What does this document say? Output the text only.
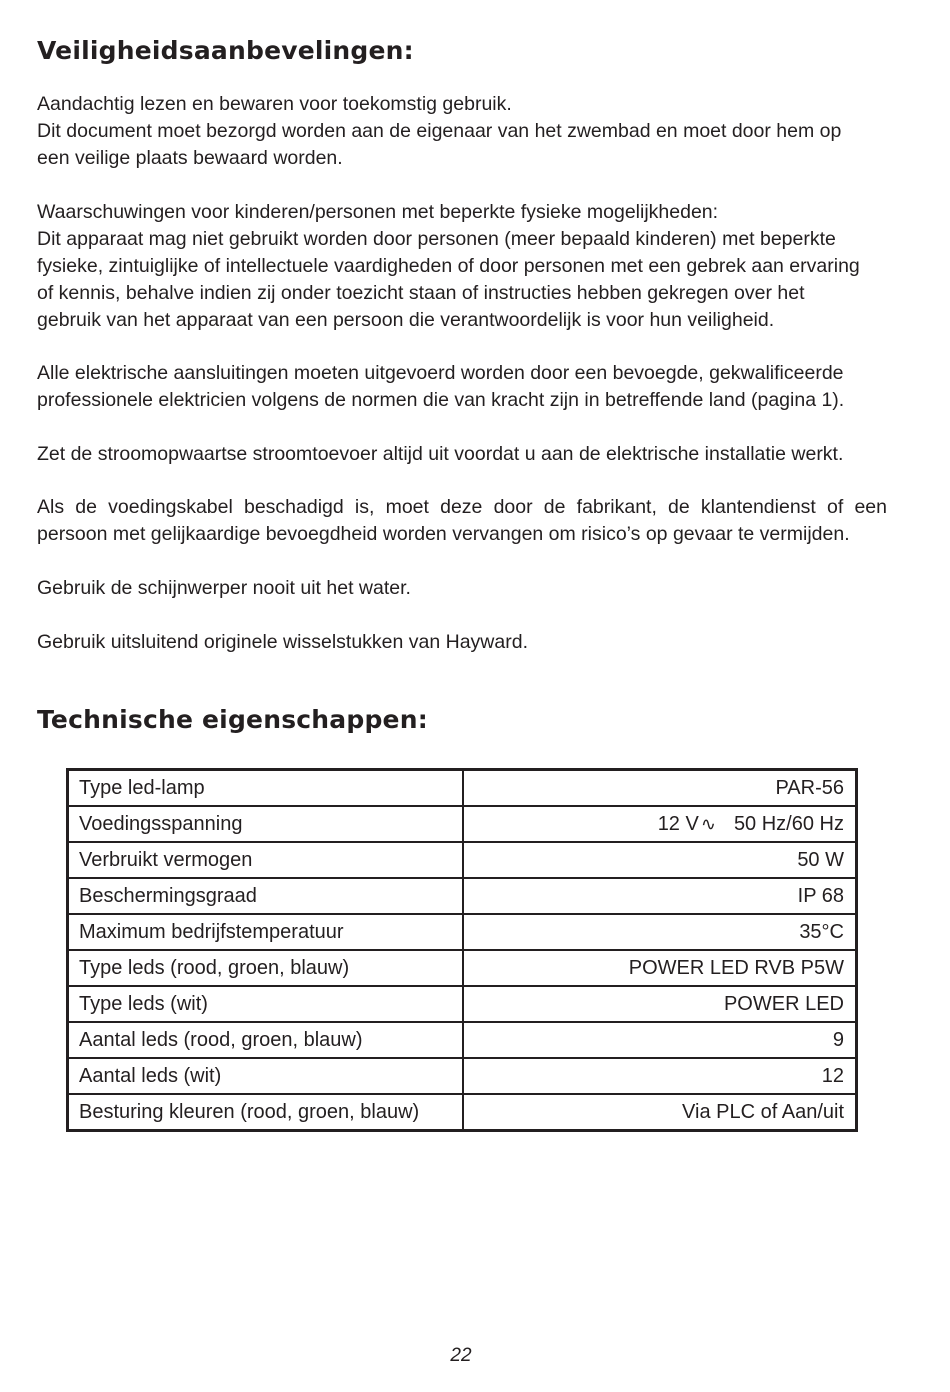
Veiligheidsaanbevelingen:

Aandachtig lezen en bewaren voor toekomstig gebruik.
Dit document moet bezorgd worden aan de eigenaar van het zwembad en moet door hem op
een veilige plaats bewaard worden.

Waarschuwingen voor kinderen/personen met beperkte fysieke mogelijkheden:
Dit apparaat mag niet gebruikt worden door personen (meer bepaald kinderen) met beperkte
fysieke, zintuiglijke of intellectuele vaardigheden of door personen met een gebrek aan ervaring
of kennis, behalve indien zij onder toezicht staan of instructies hebben gekregen over het
gebruik van het apparaat van een persoon die verantwoordelijk is voor hun veiligheid.

Alle elektrische aansluitingen moeten uitgevoerd worden door een bevoegde, gekwalificeerde
professionele elektricien volgens de normen die van kracht zijn in betreffende land (pagina 1).

Zet de stroomopwaartse stroomtoevoer altijd uit voordat u aan de elektrische installatie werkt.

Als de voedingskabel beschadigd is, moet deze door de fabrikant, de klantendienst of een
persoon met gelijkaardige bevoegdheid worden vervangen om risico’s op gevaar te vermijden.

Gebruik de schijnwerper nooit uit het water.

Gebruik uitsluitend originele wisselstukken van Hayward.

Technische eigenschappen:
Type led-lamp	PAR-56
Voedingsspanning	12 V ∿ 50 Hz/60 Hz
Verbruikt vermogen	50 W
Beschermingsgraad	IP 68
Maximum bedrijfstemperatuur	35°C
Type leds (rood, groen, blauw)	POWER LED RVB P5W
Type leds (wit)	POWER LED
Aantal leds (rood, groen, blauw)	9
Aantal leds (wit)	12
Besturing kleuren (rood, groen, blauw)	Via PLC of Aan/uit
22
